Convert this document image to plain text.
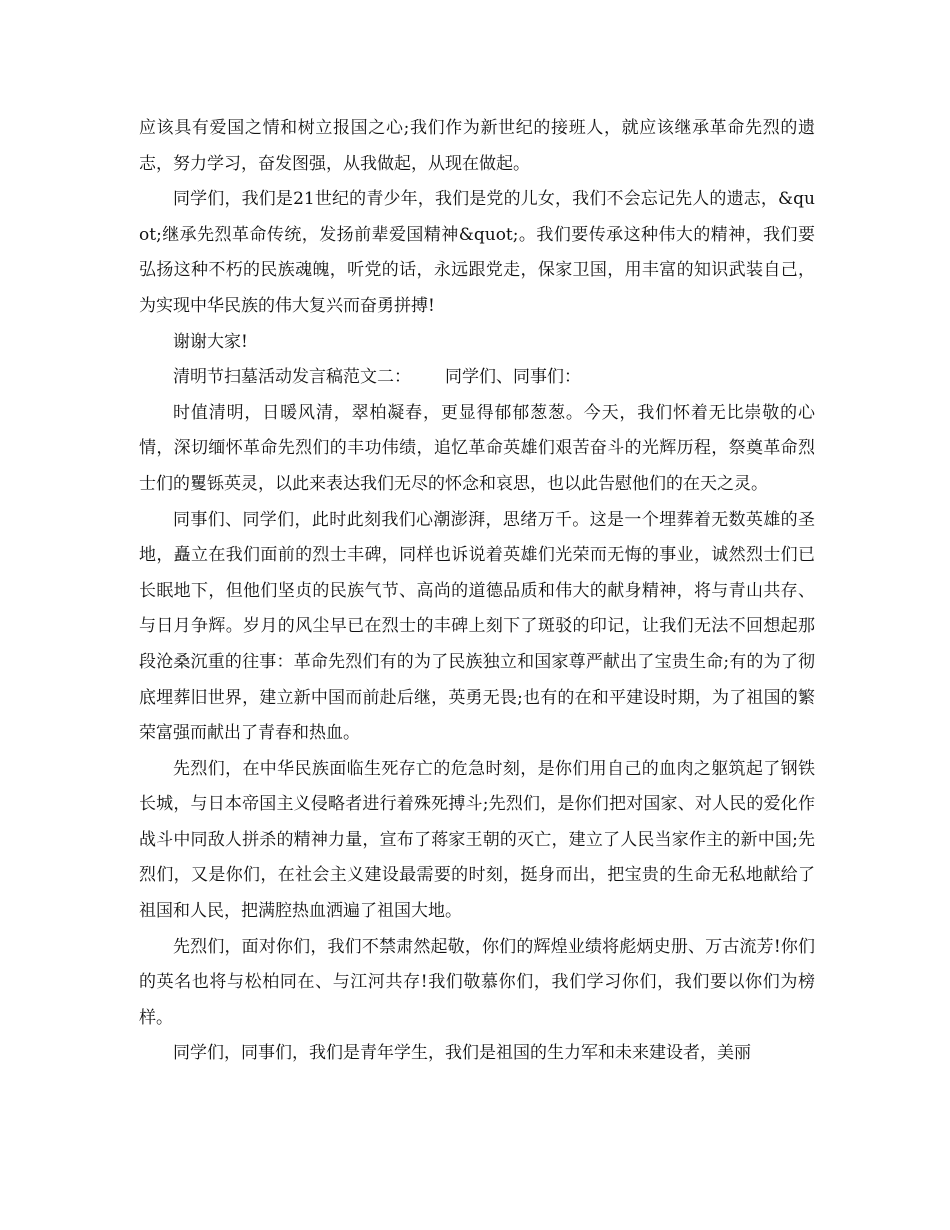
应该具有爱国之情和树立报国之心;我们作为新世纪的接班人，就应该继承革命先烈的遗志，努力学习，奋发图强，从我做起，从现在做起。

同学们，我们是21世纪的青少年，我们是党的儿女，我们不会忘记先人的遗志，&quot;继承先烈革命传统，发扬前辈爱国精神&quot;。我们要传承这种伟大的精神，我们要弘扬这种不朽的民族魂魄，听党的话，永远跟党走，保家卫国，用丰富的知识武装自己，为实现中华民族的伟大复兴而奋勇拼搏!

谢谢大家!

清明节扫墓活动发言稿范文二： 同学们、同事们：

时值清明，日暖风清，翠柏凝春，更显得郁郁葱葱。今天，我们怀着无比崇敬的心情，深切缅怀革命先烈们的丰功伟绩，追忆革命英雄们艰苦奋斗的光辉历程，祭奠革命烈士们的矍铄英灵，以此来表达我们无尽的怀念和哀思，也以此告慰他们的在天之灵。

同事们、同学们，此时此刻我们心潮澎湃，思绪万千。这是一个埋葬着无数英雄的圣地，矗立在我们面前的烈士丰碑，同样也诉说着英雄们光荣而无悔的事业，诚然烈士们已长眠地下，但他们坚贞的民族气节、高尚的道德品质和伟大的献身精神，将与青山共存、与日月争辉。岁月的风尘早已在烈士的丰碑上刻下了斑驳的印记，让我们无法不回想起那段沧桑沉重的往事：革命先烈们有的为了民族独立和国家尊严献出了宝贵生命;有的为了彻底埋葬旧世界，建立新中国而前赴后继，英勇无畏;也有的在和平建设时期，为了祖国的繁荣富强而献出了青春和热血。

先烈们，在中华民族面临生死存亡的危急时刻，是你们用自己的血肉之躯筑起了钢铁长城，与日本帝国主义侵略者进行着殊死搏斗;先烈们，是你们把对国家、对人民的爱化作战斗中同敌人拼杀的精神力量，宣布了蒋家王朝的灭亡，建立了人民当家作主的新中国;先烈们，又是你们，在社会主义建设最需要的时刻，挺身而出，把宝贵的生命无私地献给了祖国和人民，把满腔热血洒遍了祖国大地。

先烈们，面对你们，我们不禁肃然起敬，你们的辉煌业绩将彪炳史册、万古流芳!你们的英名也将与松柏同在、与江河共存!我们敬慕你们，我们学习你们，我们要以你们为榜样。

同学们，同事们，我们是青年学生，我们是祖国的生力军和未来建设者，美丽
